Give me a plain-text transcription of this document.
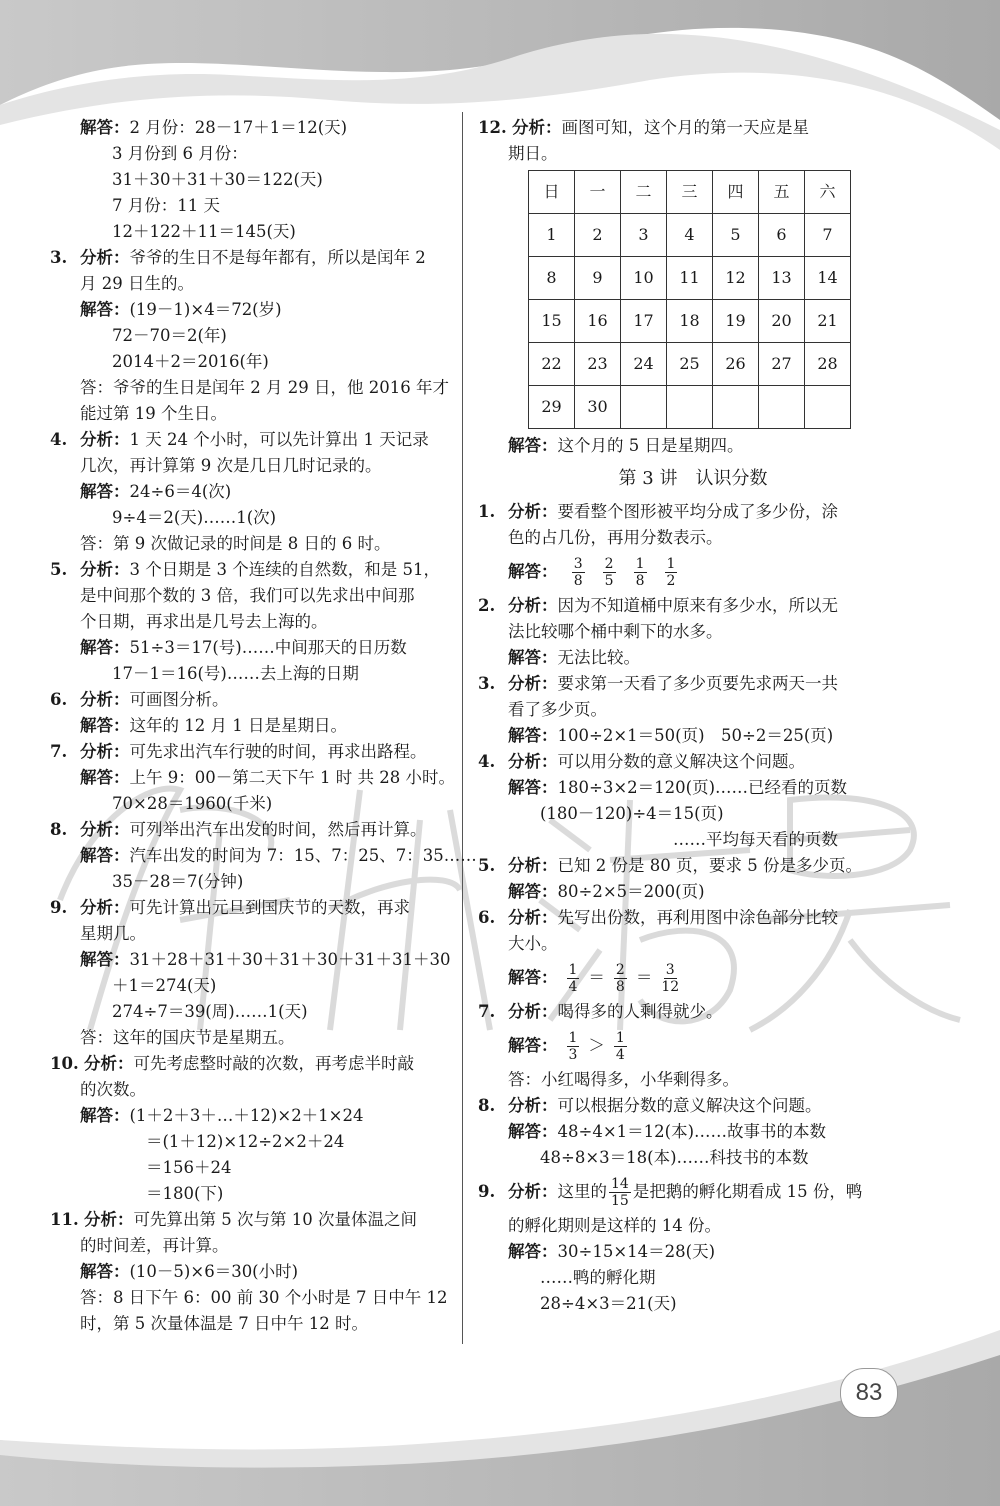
解答：2 月份：28－17＋1＝12(天)
3 月份到 6 月份：
31＋30＋31＋30＝122(天)
7 月份：11 天
12＋122＋11＝145(天)
3. 分析：爷爷的生日不是每年都有，所以是闰年 2
月 29 日生的。
解答：(19－1)×4＝72(岁)
72－70＝2(年)
2014＋2＝2016(年)
答：爷爷的生日是闰年 2 月 29 日，他 2016 年才
能过第 19 个生日。
4. 分析：1 天 24 个小时，可以先计算出 1 天记录
几次，再计算第 9 次是几日几时记录的。
解答：24÷6＝4(次)
9÷4＝2(天)……1(次)
答：第 9 次做记录的时间是 8 日的 6 时。
5. 分析：3 个日期是 3 个连续的自然数，和是 51，
是中间那个数的 3 倍，我们可以先求出中间那
个日期，再求出是几号去上海的。
解答：51÷3＝17(号)……中间那天的日历数
17－1＝16(号)……去上海的日期
6. 分析：可画图分析。
解答：这年的 12 月 1 日是星期日。
7. 分析：可先求出汽车行驶的时间，再求出路程。
解答：上午 9：00－第二天下午 1 时 共 28 小时。
70×28＝1960(千米)
8. 分析：可列举出汽车出发的时间，然后再计算。
解答：汽车出发的时间为 7：15、7：25、7：35……
35－28＝7(分钟)
9. 分析：可先计算出元旦到国庆节的天数，再求
星期几。
解答：31＋28＋31＋30＋31＋30＋31＋31＋30
＋1＝274(天)
274÷7＝39(周)……1(天)
答：这年的国庆节是星期五。
10. 分析：可先考虑整时敲的次数，再考虑半时敲
的次数。
解答：(1＋2＋3＋…＋12)×2＋1×24
＝(1＋12)×12÷2×2＋24
＝156＋24
＝180(下)
11. 分析：可先算出第 5 次与第 10 次量体温之间
的时间差，再计算。
解答：(10－5)×6＝30(小时)
答：8 日下午 6：00 前 30 个小时是 7 日中午 12
时，第 5 次量体温是 7 日中午 12 时。
12. 分析：画图可知，这个月的第一天应是星
期日。
日	一	二	三	四	五	六
1	2	3	4	5	6	7
8	9	10	11	12	13	14
15	16	17	18	19	20	21
22	23	24	25	26	27	28
29	30					
解答：这个月的 5 日是星期四。
第 3 讲　认识分数
1. 分析：要看整个图形被平均分成了多少份，涂
色的占几份，再用分数表示。
解答： $\frac{3}{8} \frac{2}{5} \frac{1}{8} \frac{1}{2}$
2. 分析：因为不知道桶中原来有多少水，所以无
法比较哪个桶中剩下的水多。
解答：无法比较。
3. 分析：要求第一天看了多少页要先求两天一共
看了多少页。
解答：100÷2×1＝50(页)　50÷2＝25(页)
4. 分析：可以用分数的意义解决这个问题。
解答：180÷3×2＝120(页)……已经看的页数
(180－120)÷4＝15(页)
　　　　　　……平均每天看的页数
5. 分析：已知 2 份是 80 页，要求 5 份是多少页。
解答：80÷2×5＝200(页)
6. 分析：先写出份数，再利用图中涂色部分比较
大小。
解答： $\frac{1}{4} = \frac{2}{8} = \frac{3}{12}$
7. 分析：喝得多的人剩得就少。
解答： $\frac{1}{3} > \frac{1}{4}$
答：小红喝得多，小华剩得多。
8. 分析：可以根据分数的意义解决这个问题。
解答：48÷4×1＝12(本)……故事书的本数
48÷8×3＝18(本)……科技书的本数
9. 分析：这里的 $\frac{14}{15}$ 是把鹅的孵化期看成 15 份，鸭
的孵化期则是这样的 14 份。
解答：30÷15×14＝28(天)
……鸭的孵化期
28÷4×3＝21(天)
83
